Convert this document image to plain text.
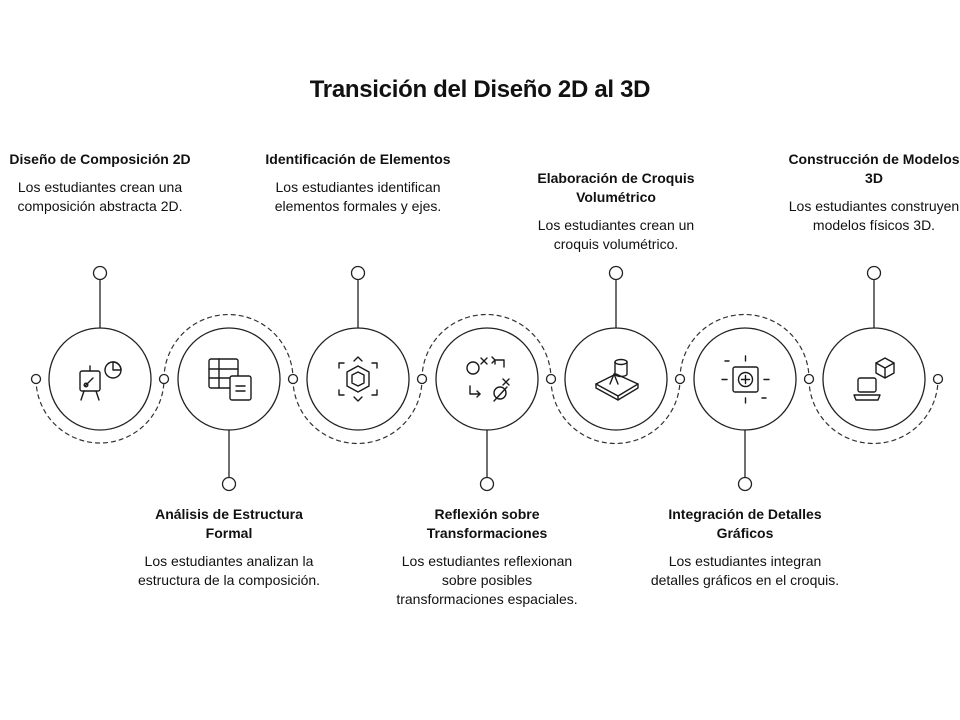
Transición del Diseño 2D al 3D

Diseño de Composición 2D

Los estudiantes crean una composición abstracta 2D.

Identificación de Elementos

Los estudiantes identifican elementos formales y ejes.

Elaboración de Croquis Volumétrico

Los estudiantes crean un croquis volumétrico.

Construcción de Modelos 3D

Los estudiantes construyen modelos físicos 3D.

Análisis de Estructura Formal

Los estudiantes analizan la estructura de la composición.

Reflexión sobre Transformaciones

Los estudiantes reflexionan sobre posibles transformaciones espaciales.

Integración de Detalles Gráficos

Los estudiantes integran detalles gráficos en el croquis.
